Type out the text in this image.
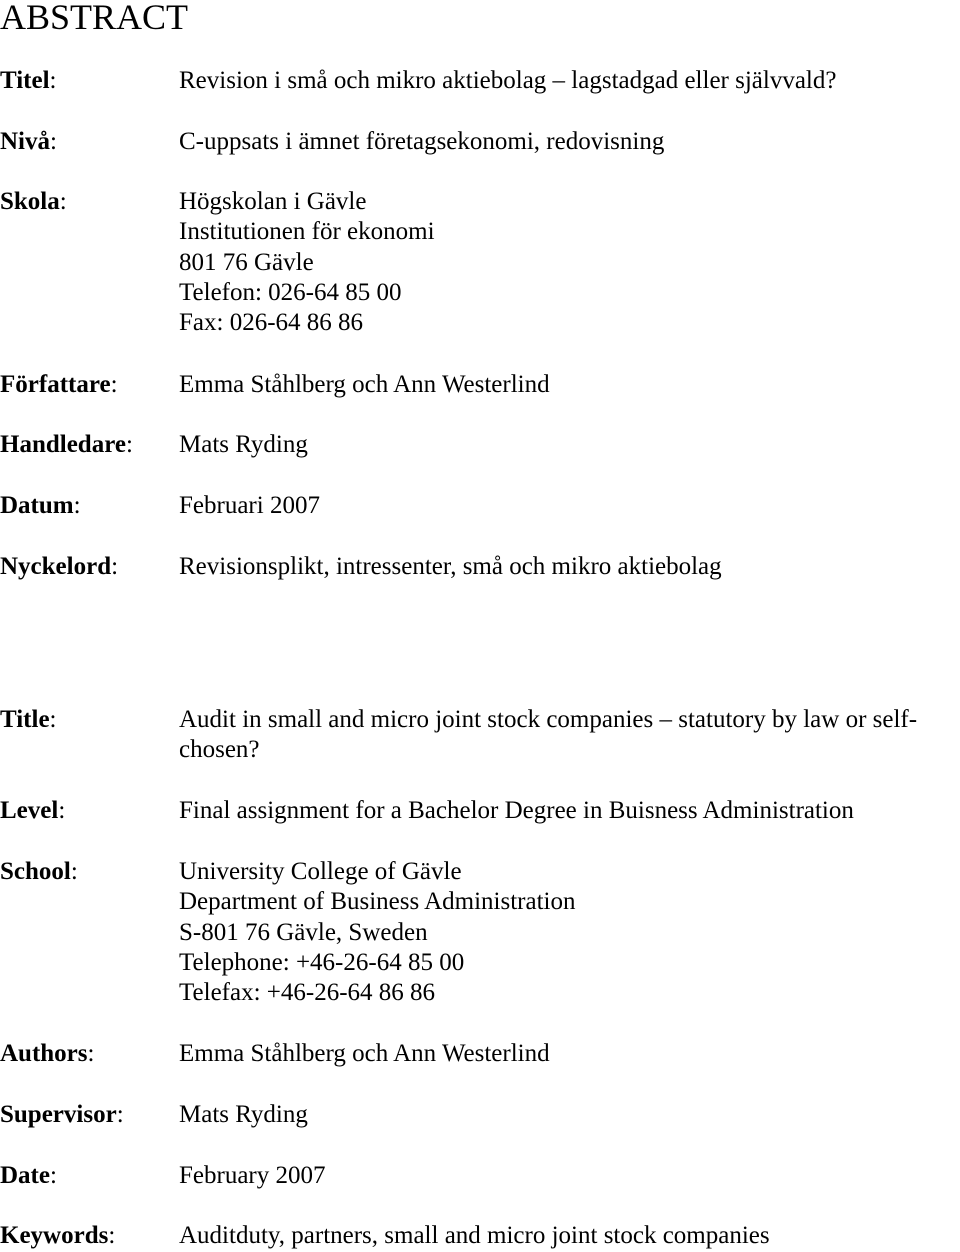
ABSTRACT
Titel:	Revision i små och mikro aktiebolag – lagstadgad eller självvald?
Nivå:	C-uppsats i ämnet företagsekonomi, redovisning
Skola:	Högskolan i Gävle
Institutionen för ekonomi
801 76 Gävle
Telefon: 026-64 85 00
Fax: 026-64 86 86
Författare: Emma Ståhlberg och Ann Westerlind
Handledare: Mats Ryding
Datum:	Februari 2007
Nyckelord: Revisionsplikt, intressenter, små och mikro aktiebolag
Title:	Audit in small and micro joint stock companies – statutory by law or self-chosen?
Level:	Final assignment for a Bachelor Degree in Buisness Administration
School:	University College of Gävle
Department of Business Administration
S-801 76 Gävle, Sweden
Telephone: +46-26-64 85 00
Telefax: +46-26-64 86 86
Authors:	Emma Ståhlberg och Ann Westerlind
Supervisor: Mats Ryding
Date:	February 2007
Keywords:	Auditduty, partners, small and micro joint stock companies
